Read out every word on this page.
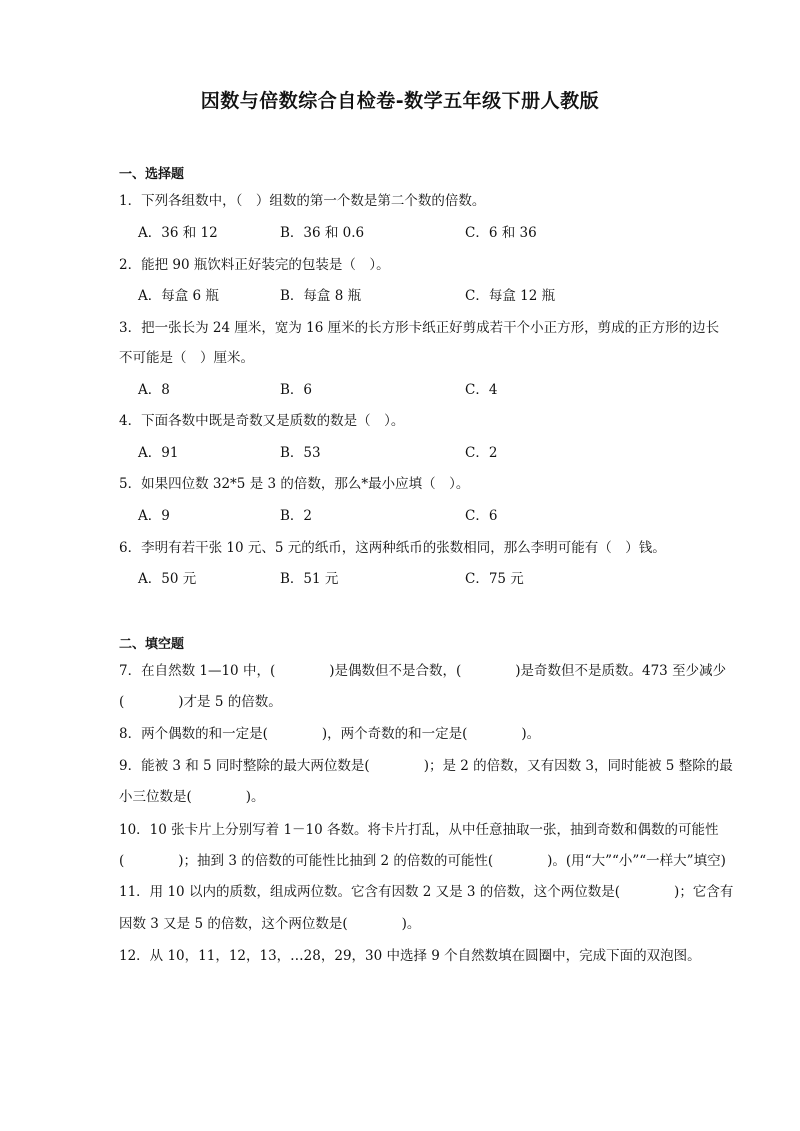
因数与倍数综合自检卷-数学五年级下册人教版
一、选择题
1．下列各组数中，（　）组数的第一个数是第二个数的倍数。
A．36 和 12	B．36 和 0.6	C．6 和 36
2．能把 90 瓶饮料正好装完的包装是（　）。
A．每盒 6 瓶	B．每盒 8 瓶	C．每盒 12 瓶
3．把一张长为 24 厘米，宽为 16 厘米的长方形卡纸正好剪成若干个小正方形，剪成的正方形的边长
不可能是（　）厘米。
A．8	B．6	C．4
4．下面各数中既是奇数又是质数的数是（　）。
A．91	B．53	C．2
5．如果四位数 32*5 是 3 的倍数，那么*最小应填（　）。
A．9	B．2	C．6
6．李明有若干张 10 元、5 元的纸币，这两种纸币的张数相同，那么李明可能有（　）钱。
A．50 元	B．51 元	C．75 元
二、填空题
7．在自然数 1—10 中，(　　　　)是偶数但不是合数，(　　　　)是奇数但不是质数。473 至少减少
(　　　　)才是 5 的倍数。
8．两个偶数的和一定是(　　　　)，两个奇数的和一定是(　　　　)。
9．能被 3 和 5 同时整除的最大两位数是(　　　　)；是 2 的倍数，又有因数 3，同时能被 5 整除的最
小三位数是(　　　　)。
10．10 张卡片上分别写着 1－10 各数。将卡片打乱，从中任意抽取一张，抽到奇数和偶数的可能性
(　　　　)；抽到 3 的倍数的可能性比抽到 2 的倍数的可能性(　　　　)。(用“大”“小”“一样大”填空)
11．用 10 以内的质数，组成两位数。它含有因数 2 又是 3 的倍数，这个两位数是(　　　　)；它含有
因数 3 又是 5 的倍数，这个两位数是(　　　　)。
12．从 10，11，12，13，…28，29，30 中选择 9 个自然数填在圆圈中，完成下面的双泡图。
